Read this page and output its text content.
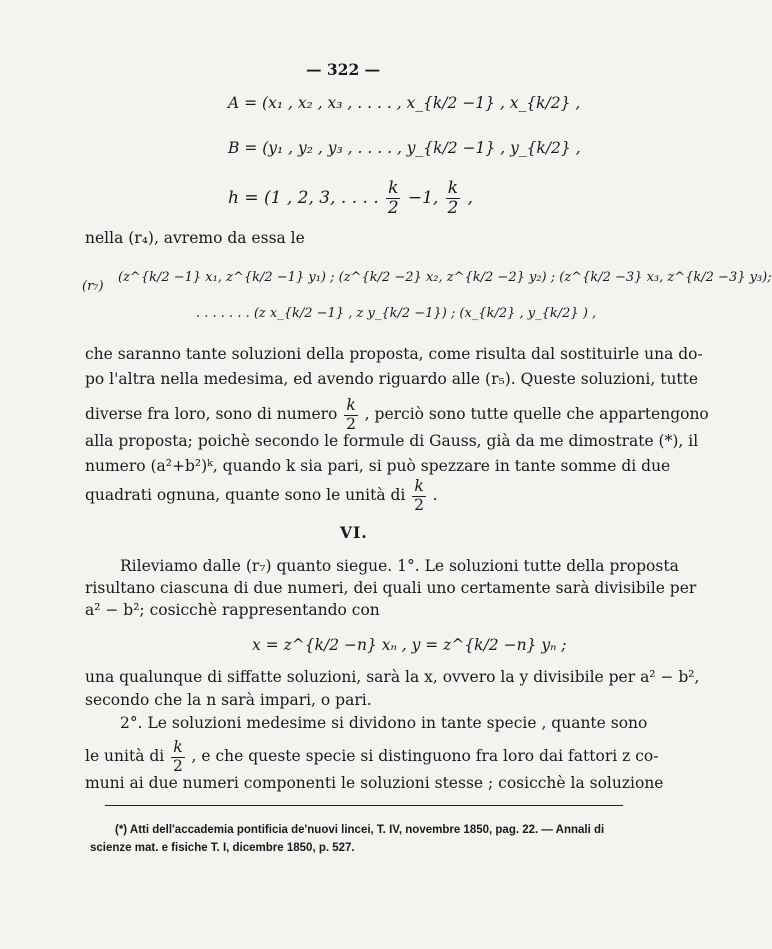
— 322 —
A = (x₁ , x₂ , x₃ , . . . . , x_{k/2 −1} , x_{k/2} ,
B = (y₁ , y₂ , y₃ , . . . . , y_{k/2 −1} , y_{k/2} ,
h = (1 , 2, 3, . . . . $\frac{k}{2} -1$, $\frac{k}{2}$ ,
nella (r₄), avremo da essa le
(r₇)
(z^{k/2 −1} x₁, z^{k/2 −1} y₁) ; (z^{k/2 −2} x₂, z^{k/2 −2} y₂) ; (z^{k/2 −3} x₃, z^{k/2 −3} y₃);
. . . . . . . (z x_{k/2 −1} , z y_{k/2 −1}) ; (x_{k/2} , y_{k/2} ) ,
che saranno tante soluzioni della proposta, come risulta dal sostituirle una do-
po l'altra nella medesima, ed avendo riguardo alle (r₅). Queste soluzioni, tutte
diverse fra loro, sono di numero $\frac{k}{2}$ , perciò sono tutte quelle che appartengono
alla proposta; poichè secondo le formule di Gauss, già da me dimostrate (*), il
numero (a²+b²)ᵏ, quando k sia pari, si può spezzare in tante somme di due
quadrati ognuna, quante sono le unità di $\frac{k}{2}$ .
VI.
Rileviamo dalle (r₇) quanto siegue. 1°. Le soluzioni tutte della proposta
risultano ciascuna di due numeri, dei quali uno certamente sarà divisibile per
a² − b²; cosicchè rappresentando con
x = z^{k/2 −n} xₙ , y = z^{k/2 −n} yₙ ;
una qualunque di siffatte soluzioni, sarà la x, ovvero la y divisibile per a² − b²,
secondo che la n sarà impari, o pari.
2°. Le soluzioni medesime si dividono in tante specie , quante sono
le unità di $\frac{k}{2}$ , e che queste specie si distinguono fra loro dai fattori z co-
muni ai due numeri componenti le soluzioni stesse ; cosicchè la soluzione
(*) Atti dell'accademia pontificia de'nuovi lincei, T. IV, novembre 1850, pag. 22. — Annali di
scienze mat. e fisiche T. I, dicembre 1850, p. 527.
